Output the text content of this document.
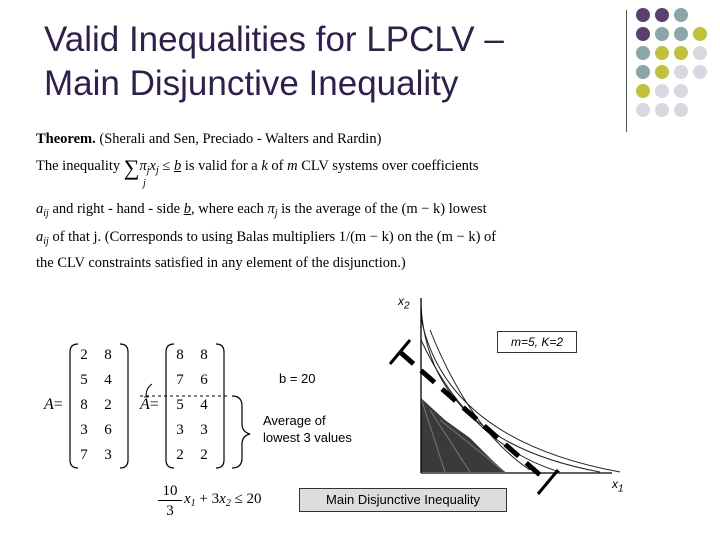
Valid Inequalities for LPCLV –
Main Disjunctive Inequality
Theorem. (Sherali and Sen, Preciado - Walters and Rardin)
The inequality $\sum\pi_jx_j \le b$ is valid for a k of m CLV systems over coefficients
j
$a_{ij}$ and right - hand - side b, where each $\pi_j$ is the average of the (m − k) lowest
$a_{ij}$ of that j. (Corresponds to using Balas multipliers 1/(m − k) on the (m − k) of
the CLV constraints satisfied in any element of the disjunction.)
A=
2	8
5	4
8	2
3	6
7	3
Ā=
8	8
7	6
5	4
3	3
2	2
Average of
lowest 3 values
b = 20
$x_2$
$x_1$
m=5, K=2
Main Disjunctive Inequality
10
3
$x_1 + 3x_2 \le 20$
